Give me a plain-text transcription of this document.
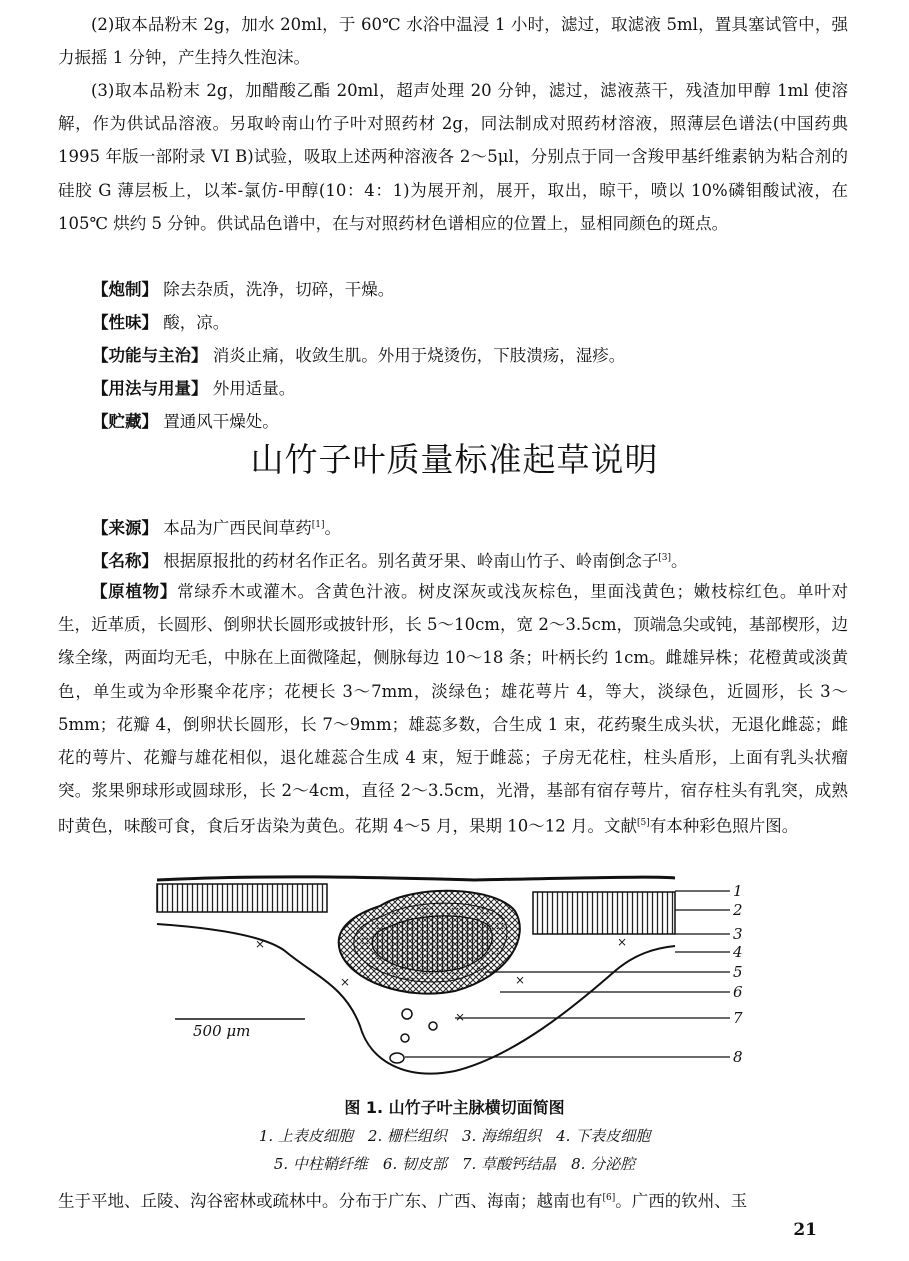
(2)取本品粉末 2g，加水 20ml，于 60℃ 水浴中温浸 1 小时，滤过，取滤液 5ml，置具塞试管中，强力振摇 1 分钟，产生持久性泡沫。

(3)取本品粉末 2g，加醋酸乙酯 20ml，超声处理 20 分钟，滤过，滤液蒸干，残渣加甲醇 1ml 使溶解，作为供试品溶液。另取岭南山竹子叶对照药材 2g，同法制成对照药材溶液，照薄层色谱法(中国药典 1995 年版一部附录 VI B)试验，吸取上述两种溶液各 2～5μl，分别点于同一含羧甲基纤维素钠为粘合剂的硅胶 G 薄层板上，以苯-氯仿-甲醇(10：4：1)为展开剂，展开，取出，晾干，喷以 10%磷钼酸试液，在 105℃ 烘约 5 分钟。供试品色谱中，在与对照药材色谱相应的位置上，显相同颜色的斑点。

【炮制】 除去杂质，洗净，切碎，干燥。
【性味】 酸，凉。
【功能与主治】 消炎止痛，收敛生肌。外用于烧烫伤，下肢溃疡，湿疹。
【用法与用量】 外用适量。
【贮藏】 置通风干燥处。
山竹子叶质量标准起草说明
【来源】 本品为广西民间草药[1]。
【名称】 根据原报批的药材名作正名。别名黄牙果、岭南山竹子、岭南倒念子[3]。

【原植物】常绿乔木或灌木。含黄色汁液。树皮深灰或浅灰棕色，里面浅黄色；嫩枝棕红色。单叶对生，近革质，长圆形、倒卵状长圆形或披针形，长 5～10cm，宽 2～3.5cm，顶端急尖或钝，基部楔形，边缘全缘，两面均无毛，中脉在上面微隆起，侧脉每边 10～18 条；叶柄长约 1cm。雌雄异株；花橙黄或淡黄色，单生或为伞形聚伞花序；花梗长 3～7mm，淡绿色；雄花萼片 4，等大，淡绿色，近圆形，长 3～5mm；花瓣 4，倒卵状长圆形，长 7～9mm；雄蕊多数，合生成 1 束，花药聚生成头状，无退化雌蕊；雌花的萼片、花瓣与雄花相似，退化雄蕊合生成 4 束，短于雌蕊；子房无花柱，柱头盾形，上面有乳头状瘤突。浆果卵球形或圆球形，长 2～4cm，直径 2～3.5cm，光滑，基部有宿存萼片，宿存柱头有乳突，成熟时黄色，味酸可食，食后牙齿染为黄色。花期 4～5 月，果期 10～12 月。文献[5]有本种彩色照片图。

×
×	×
×
×
500 μm
1
2
3
4
5
6
7
8
图 1. 山竹子叶主脉横切面简图
1. 上表皮细胞　2. 栅栏组织　3. 海绵组织　4. 下表皮细胞
5. 中柱鞘纤维　6. 韧皮部　7. 草酸钙结晶　8. 分泌腔
生于平地、丘陵、沟谷密林或疏林中。分布于广东、广西、海南；越南也有[6]。广西的钦州、玉
21
